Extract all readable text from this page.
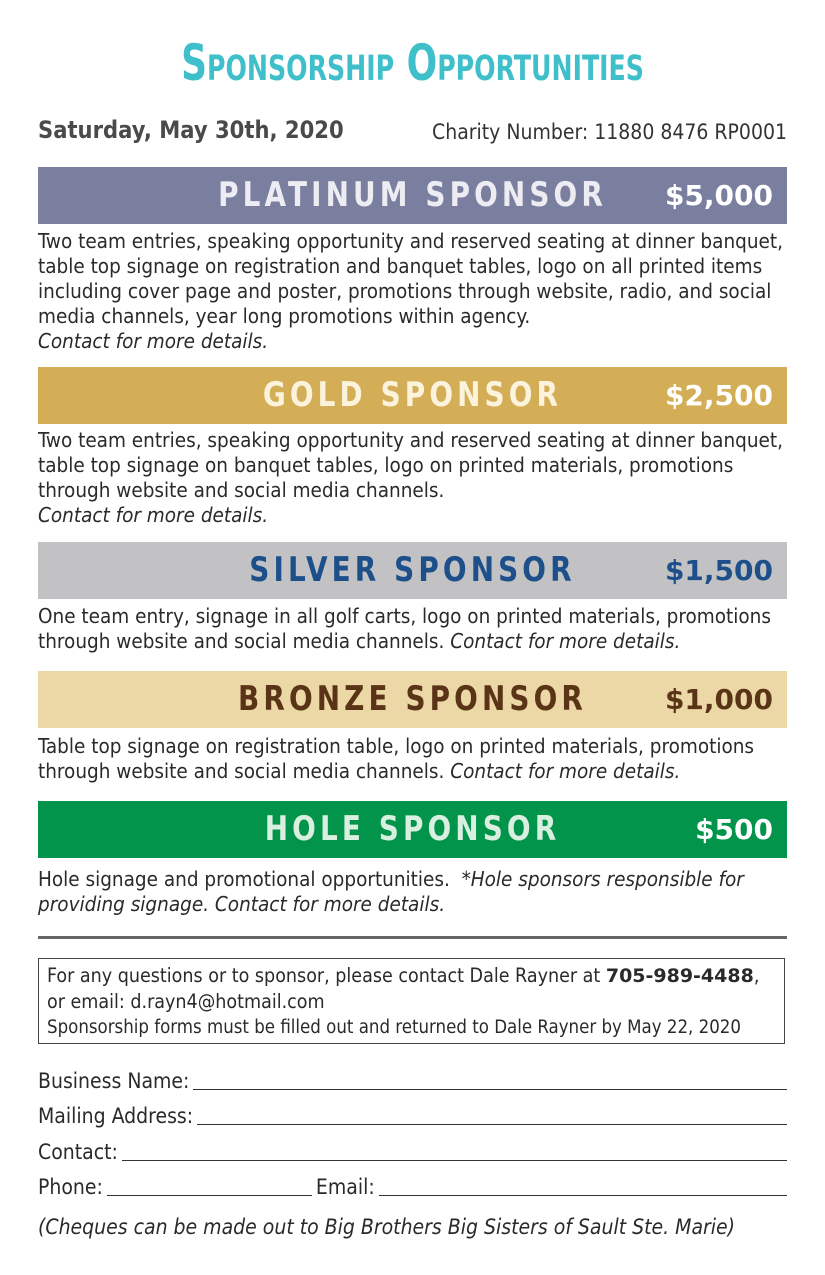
Sponsorship Opportunities
Saturday, May 30th, 2020	Charity Number: 11880 8476 RP0001
PLATINUM SPONSOR	$5,000
Two team entries, speaking opportunity and reserved seating at dinner banquet, table top signage on registration and banquet tables, logo on all printed items including cover page and poster, promotions through website, radio, and social media channels, year long promotions within agency.
Contact for more details.
GOLD SPONSOR	$2,500
Two team entries, speaking opportunity and reserved seating at dinner banquet, table top signage on banquet tables, logo on printed materials, promotions through website and social media channels.
Contact for more details.
SILVER SPONSOR	$1,500
One team entry, signage in all golf carts, logo on printed materials, promotions through website and social media channels. Contact for more details.
BRONZE SPONSOR	$1,000
Table top signage on registration table, logo on printed materials, promotions through website and social media channels. Contact for more details.
HOLE SPONSOR	$500
Hole signage and promotional opportunities. *Hole sponsors responsible for providing signage. Contact for more details.
For any questions or to sponsor, please contact Dale Rayner at 705-989-4488,
or email: d.rayn4@hotmail.com
Sponsorship forms must be filled out and returned to Dale Rayner by May 22, 2020
Business Name:
Mailing Address:
Contact:
Phone:	Email:
(Cheques can be made out to Big Brothers Big Sisters of Sault Ste. Marie)
